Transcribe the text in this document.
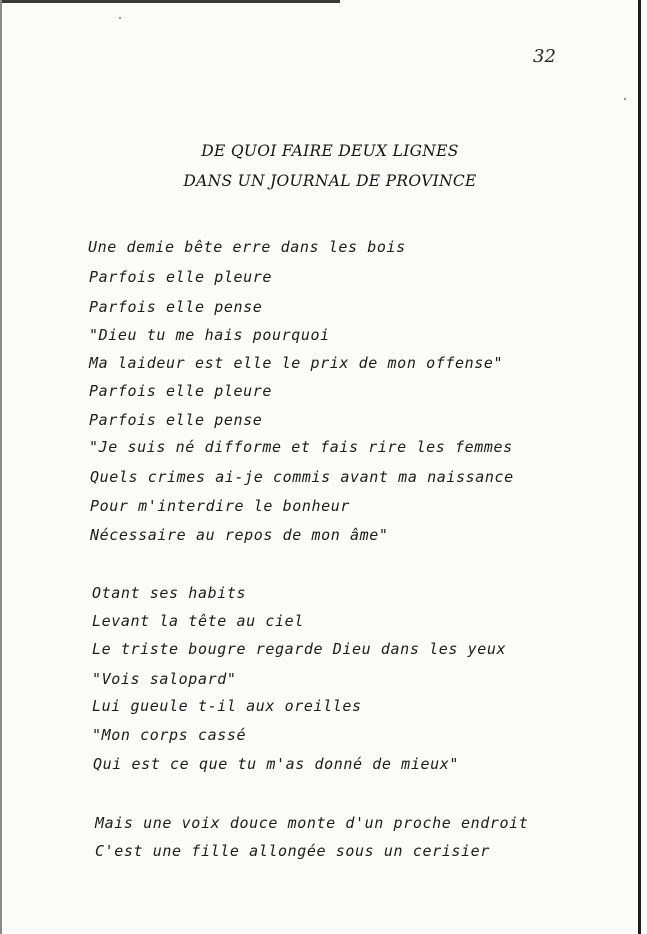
32
DE QUOI FAIRE DEUX LIGNES
DANS UN JOURNAL DE PROVINCE
Une demie bête erre dans les bois
Parfois elle pleure
Parfois elle pense
"Dieu tu me hais pourquoi
Ma laideur est elle le prix de mon offense"
Parfois elle pleure
Parfois elle pense
"Je suis né difforme et fais rire les femmes
Quels crimes ai-je commis avant ma naissance
Pour m'interdire le bonheur
Nécessaire au repos de mon âme"
Otant ses habits
Levant la tête au ciel
Le triste bougre regarde Dieu dans les yeux
"Vois salopard"
Lui gueule t-il aux oreilles
"Mon corps cassé
Qui est ce que tu m'as donné de mieux"
Mais une voix douce monte d'un proche endroit
C'est une fille allongée sous un cerisier
